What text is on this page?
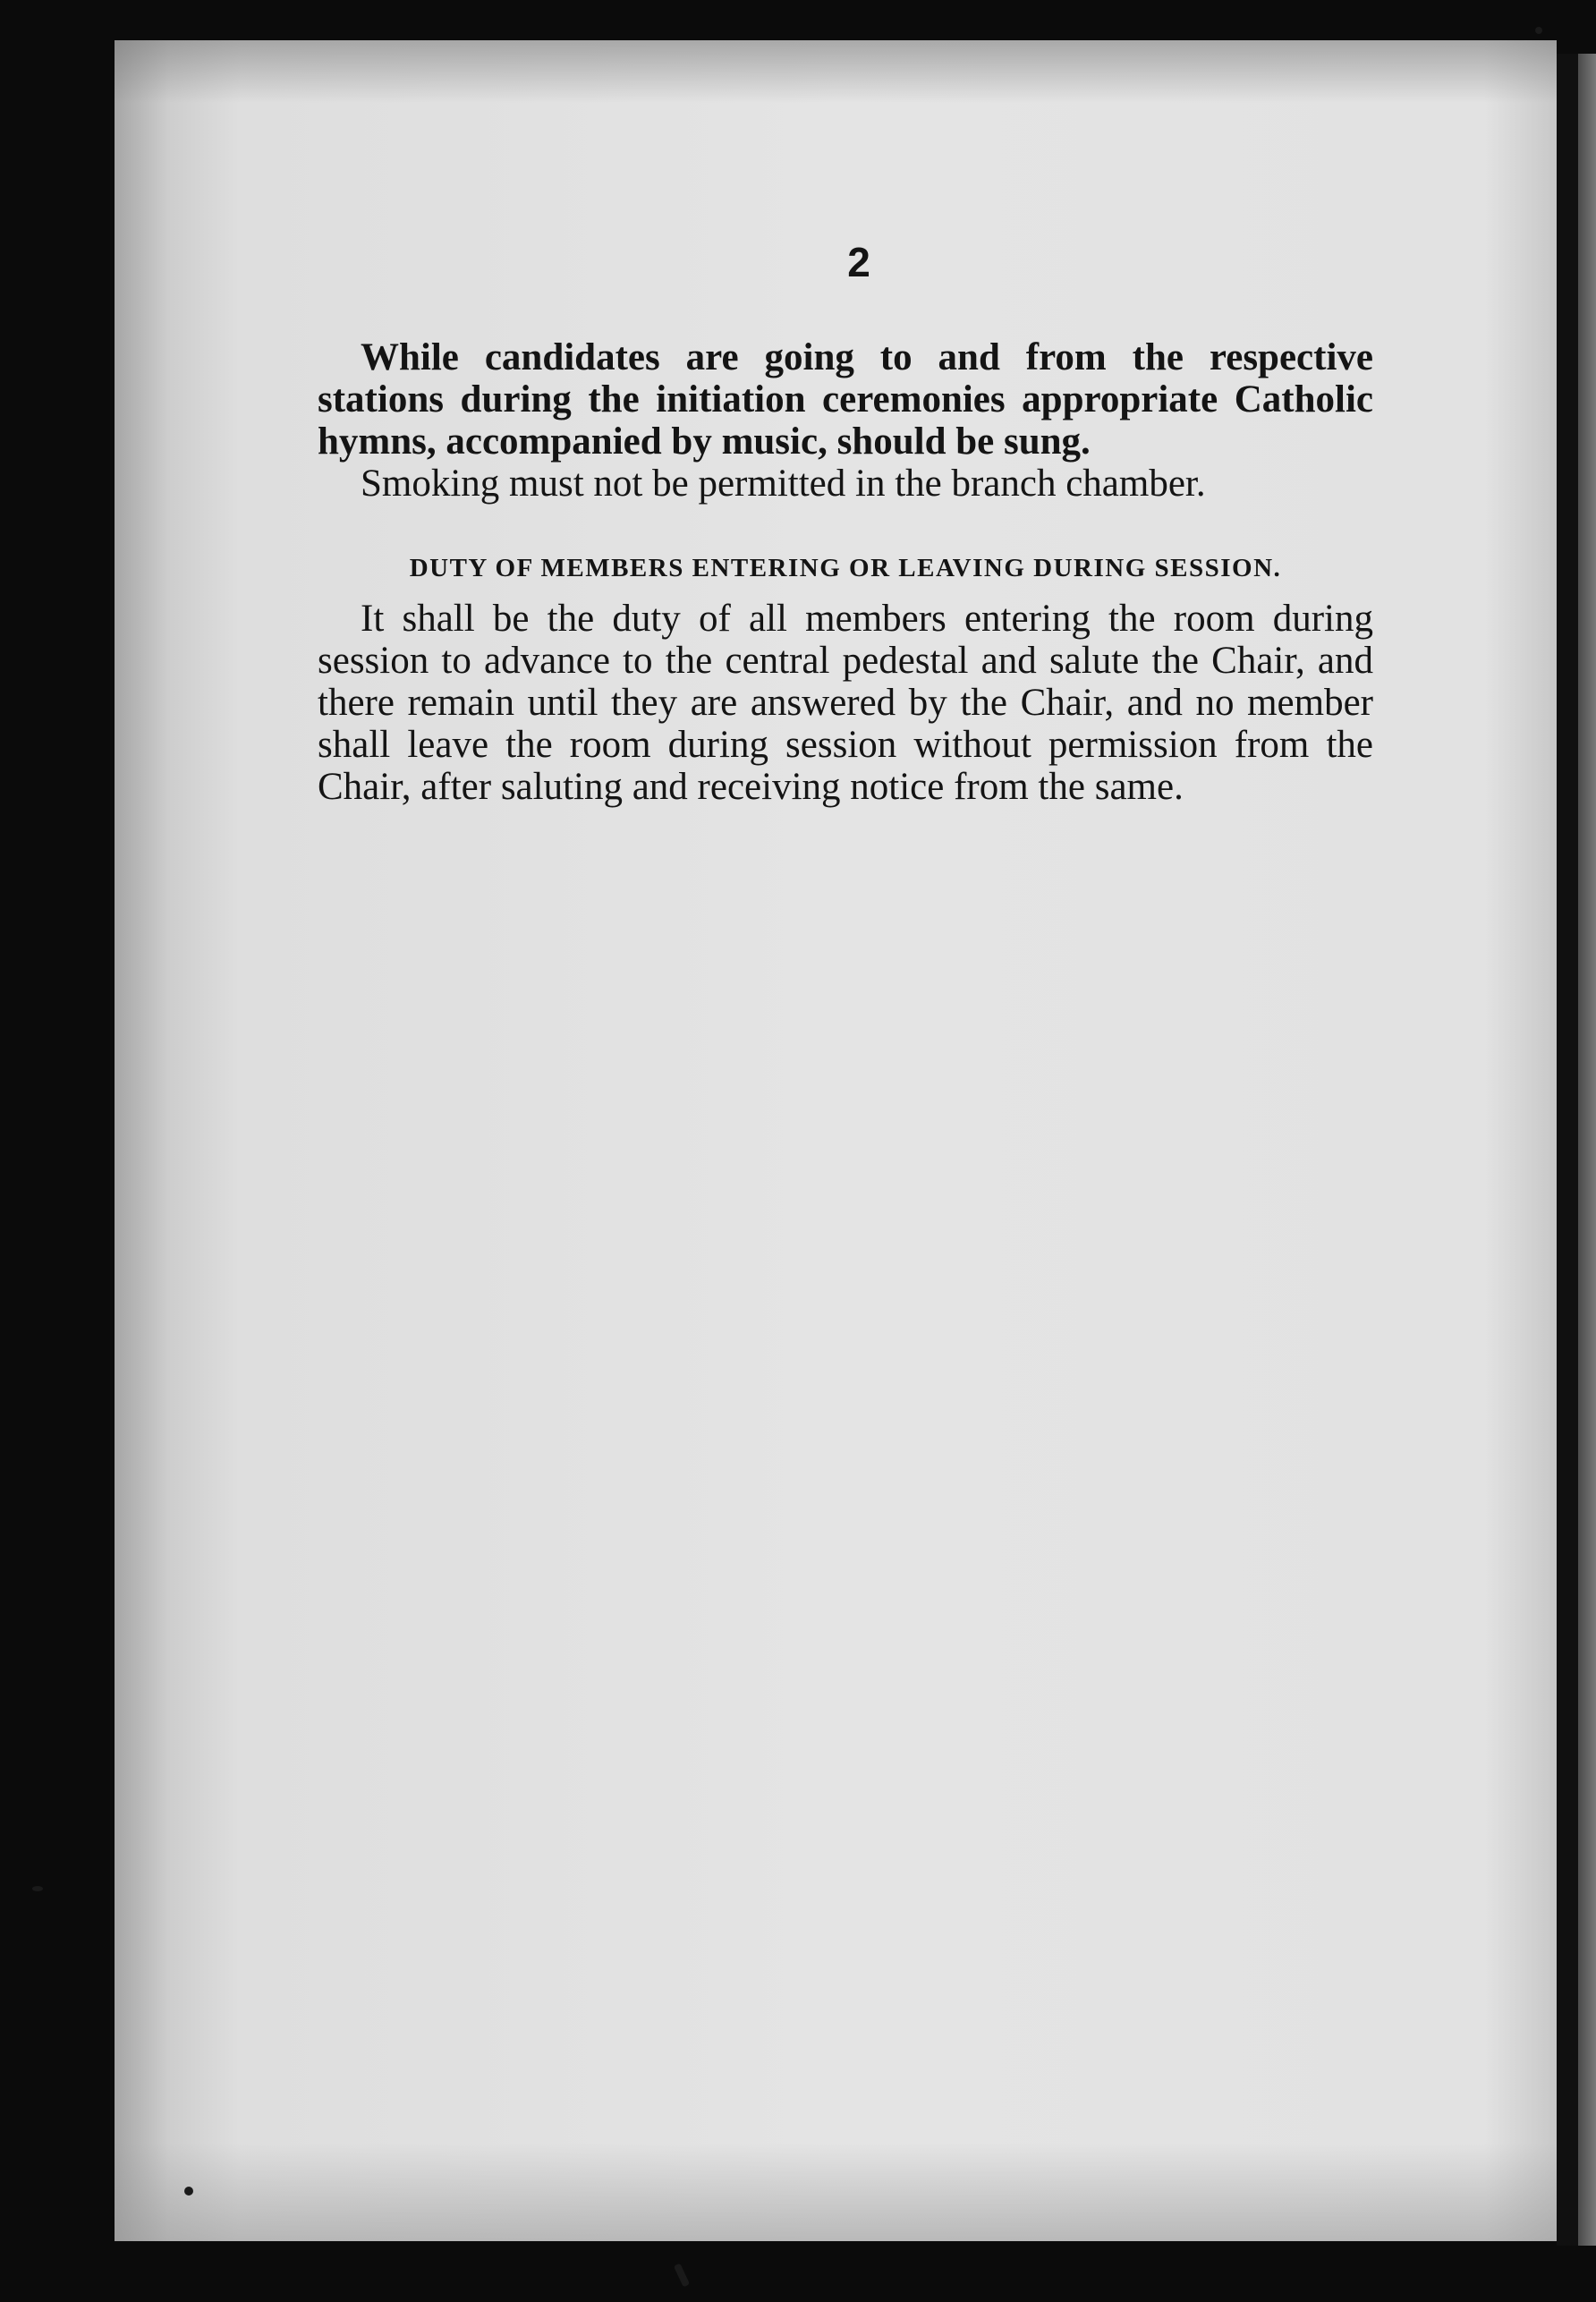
2

While candidates are going to and from the respective stations during the initiation ceremonies appropriate Catholic hymns, accompanied by music, should be sung.

Smoking must not be permitted in the branch chamber.

DUTY OF MEMBERS ENTERING OR LEAVING DURING SESSION.

It shall be the duty of all members entering the room during session to advance to the central pedestal and salute the Chair, and there remain until they are answered by the Chair, and no member shall leave the room during session without permission from the Chair, after saluting and receiving notice from the same.
